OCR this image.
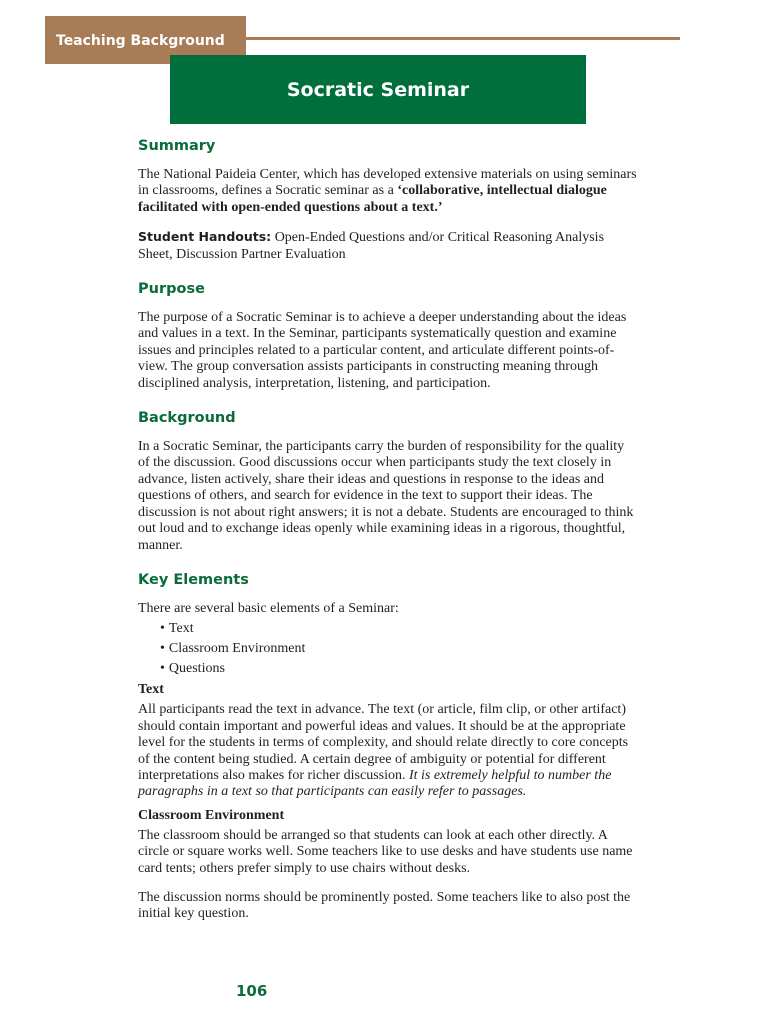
Teaching Background
Socratic Seminar
Summary

The National Paideia Center, which has developed extensive materials on using seminars in classrooms, defines a Socratic seminar as a ‘collaborative, intellectual dialogue facilitated with open-ended questions about a text.’

Student Handouts: Open-Ended Questions and/or Critical Reasoning Analysis Sheet, Discussion Partner Evaluation

Purpose

The purpose of a Socratic Seminar is to achieve a deeper understanding about the ideas and values in a text. In the Seminar, participants systematically question and examine issues and principles related to a particular content, and articulate different points-of-view. The group conversation assists participants in constructing meaning through disciplined analysis, interpretation, listening, and participation.

Background

In a Socratic Seminar, the participants carry the burden of responsibility for the quality of the discussion. Good discussions occur when participants study the text closely in advance, listen actively, share their ideas and questions in response to the ideas and questions of others, and search for evidence in the text to support their ideas. The discussion is not about right answers; it is not a debate. Students are encouraged to think out loud and to exchange ideas openly while examining ideas in a rigorous, thoughtful, manner.

Key Elements

There are several basic elements of a Seminar:

• Text
• Classroom Environment
• Questions
Text

All participants read the text in advance. The text (or article, film clip, or other artifact) should contain important and powerful ideas and values. It should be at the appropriate level for the students in terms of complexity, and should relate directly to core concepts of the content being studied. A certain degree of ambiguity or potential for different interpretations also makes for richer discussion. It is extremely helpful to number the paragraphs in a text so that participants can easily refer to passages.

Classroom Environment

The classroom should be arranged so that students can look at each other directly. A circle or square works well. Some teachers like to use desks and have students use name card tents; others prefer simply to use chairs without desks.

The discussion norms should be prominently posted. Some teachers like to also post the initial key question.

106
